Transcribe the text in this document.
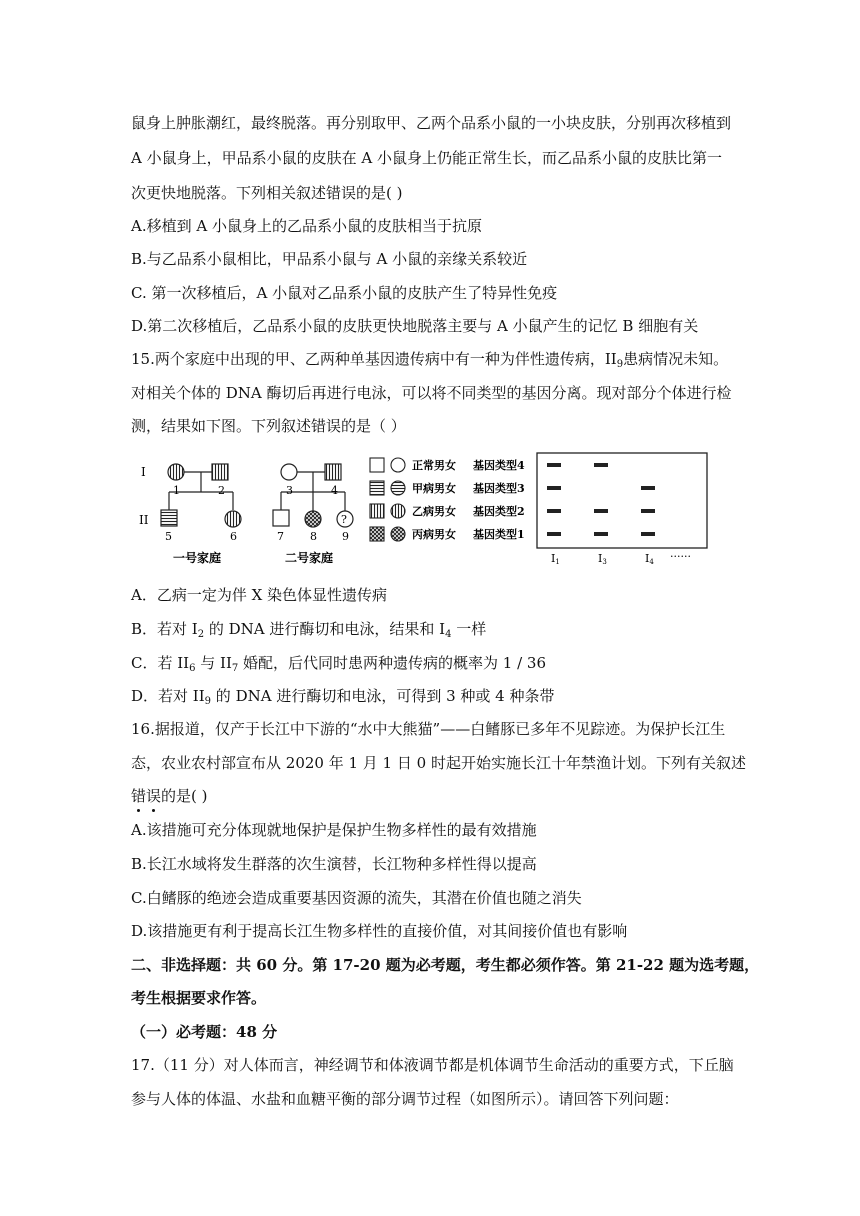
鼠身上肿胀潮红，最终脱落。再分别取甲、乙两个品系小鼠的一小块皮肤，分别再次移植到
A 小鼠身上，甲品系小鼠的皮肤在 A 小鼠身上仍能正常生长，而乙品系小鼠的皮肤比第一
次更快地脱落。下列相关叙述错误的是( )
A.移植到 A 小鼠身上的乙品系小鼠的皮肤相当于抗原
B.与乙品系小鼠相比，甲品系小鼠与 A 小鼠的亲缘关系较近
C. 第一次移植后，A 小鼠对乙品系小鼠的皮肤产生了特异性免疫
D.第二次移植后，乙品系小鼠的皮肤更快地脱落主要与 A 小鼠产生的记忆 B 细胞有关
15.两个家庭中出现的甲、乙两种单基因遗传病中有一种为伴性遗传病，$II_9$患病情况未知。
对相关个体的 DNA 酶切后再进行电泳，可以将不同类型的基因分离。现对部分个体进行检
测，结果如下图。下列叙述错误的是（ ）
I
II
1	2
5	6
一号家庭
?
3	4
7 8 9
二号家庭
正常男女
甲病男女
乙病男女
丙病男女
基因类型4
基因类型3
基因类型2
基因类型1
I1	I3	I4 ······
A．乙病一定为伴 X 染色体显性遗传病
B．若对 $I_2$ 的 DNA 进行酶切和电泳，结果和 $I_4$ 一样
C．若 $II_6$ 与 $II_7$ 婚配，后代同时患两种遗传病的概率为 1 / 36
D．若对 $II_9$ 的 DNA 进行酶切和电泳，可得到 3 种或 4 种条带
16.据报道，仅产于长江中下游的“水中大熊猫”——白鳍豚已多年不见踪迹。为保护长江生
态，农业农村部宣布从 2020 年 1 月 1 日 0 时起开始实施长江十年禁渔计划。下列有关叙述
错误的是( )
A.该措施可充分体现就地保护是保护生物多样性的最有效措施
B.长江水域将发生群落的次生演替，长江物种多样性得以提高
C.白鳍豚的绝迹会造成重要基因资源的流失，其潜在价值也随之消失
D.该措施更有利于提高长江生物多样性的直接价值，对其间接价值也有影响
二、非选择题：共 60 分。第 17-20 题为必考题，考生都必须作答。第 21-22 题为选考题，
考生根据要求作答。
（一）必考题：48 分
17.（11 分）对人体而言，神经调节和体液调节都是机体调节生命活动的重要方式，下丘脑
参与人体的体温、水盐和血糖平衡的部分调节过程（如图所示）。请回答下列问题：
